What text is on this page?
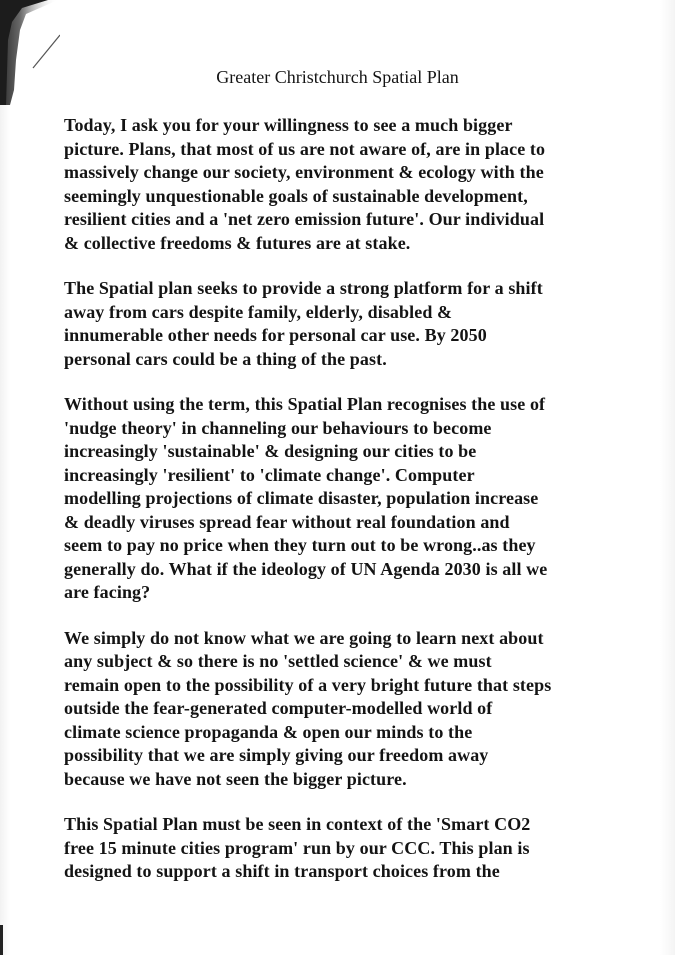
Greater Christchurch Spatial Plan

Today, I ask you for your willingness to see a much bigger
picture. Plans, that most of us are not aware of, are in place to
massively change our society, environment & ecology with the
seemingly unquestionable goals of sustainable development,
resilient cities and a 'net zero emission future'. Our individual
& collective freedoms & futures are at stake.

The Spatial plan seeks to provide a strong platform for a shift
away from cars despite family, elderly, disabled &
innumerable other needs for personal car use. By 2050
personal cars could be a thing of the past.

Without using the term, this Spatial Plan recognises the use of
'nudge theory' in channeling our behaviours to become
increasingly 'sustainable' & designing our cities to be
increasingly 'resilient' to 'climate change'. Computer
modelling projections of climate disaster, population increase
& deadly viruses spread fear without real foundation and
seem to pay no price when they turn out to be wrong..as they
generally do. What if the ideology of UN Agenda 2030 is all we
are facing?

We simply do not know what we are going to learn next about
any subject & so there is no 'settled science' & we must
remain open to the possibility of a very bright future that steps
outside the fear-generated computer-modelled world of
climate science propaganda & open our minds to the
possibility that we are simply giving our freedom away
because we have not seen the bigger picture.

This Spatial Plan must be seen in context of the 'Smart CO2
free 15 minute cities program' run by our CCC. This plan is
designed to support a shift in transport choices from the
